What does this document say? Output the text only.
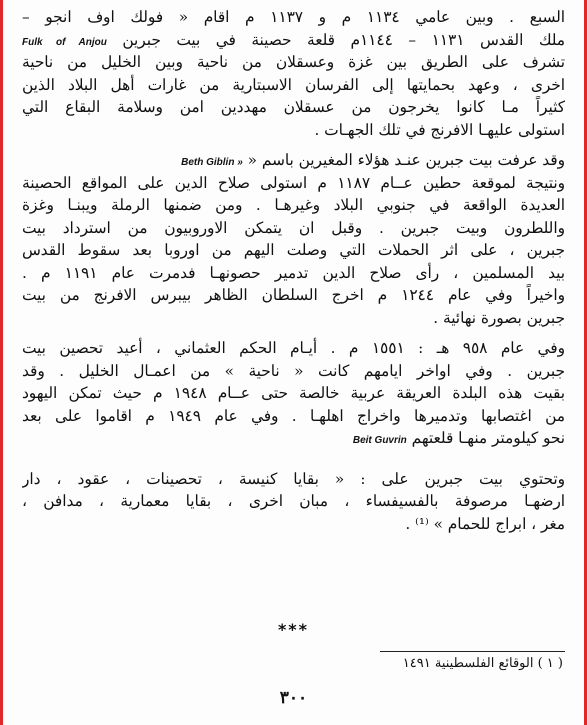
السبع . وبين عامي ١١٣٤ م و ١١٣٧ م اقام « فولك اوف انجو –
ملك القدس ١١٣١ – ١١٤٤م قلعة حصينة في بيت جبرين Fulk of Anjou
تشرف على الطريق بين غزة وعسقلان من ناحية وبين الخليل من ناحية
اخرى ، وعهد بحمايتها إلى الفرسان الاسبتارية من غارات أهل البلاد الذين
كثيراً مـا كانوا يخرجون من عسقلان مهددين امن وسلامة البقاع التي
استولى عليهـا الافرنج في تلك الجهـات .
وقد عرفت بيت جبرين عنـد هؤلاء المغيرين باسم « Beth Giblin »
ونتيجة لموقعة حطين عــام ١١٨٧ م استولى صلاح الدين على المواقع الحصينة
العديدة الواقعة في جنوبي البلاد وغيرهـا . ومن ضمنها الرملة ويبنـا وغزة
واللطرون وبيت جبرين . وقبل ان يتمكن الاوروبيون من استرداد بيت
جبرين ، على اثر الحملات التي وصلت اليهم من اوروبا بعد سقوط القدس
بيد المسلمين ، رأى صلاح الدين تدمير حصونهـا فدمرت عام ١١٩١ م .
واخيراً وفي عام ١٢٤٤ م اخرج السلطان الظاهر بيبرس الافرنج من بيت
جبرين بصورة نهائية .
وفي عام ٩٥٨ هـ : ١٥٥١ م . أيـام الحكم العثماني ، أعيد تحصين بيت
جبرين . وفي اواخر ايامهم كانت « ناحية » من اعمـال الخليل . وقد
بقيت هذه البلدة العريقة عربية خالصة حتى عــام ١٩٤٨ م حيث تمكن اليهود
من اغتصابها وتدميرها واخراج اهلهـا . وفي عام ١٩٤٩ م اقاموا على بعد
نحو كيلومتر منهـا قلعتهم Beit Guvrin
وتحتوي بيت جبرين على : « بقايا كنيسة ، تحصينات ، عقود ، دار
ارضهـا مرصوفة بالفسيفساء ، مبان اخرى ، بقايا معمارية ، مدافن ،
مغر ، ابراج للحمام » ⁽¹⁾ .
***
( ١ ) الوقائع الفلسطينية ١٤٩١
٣٠٠
